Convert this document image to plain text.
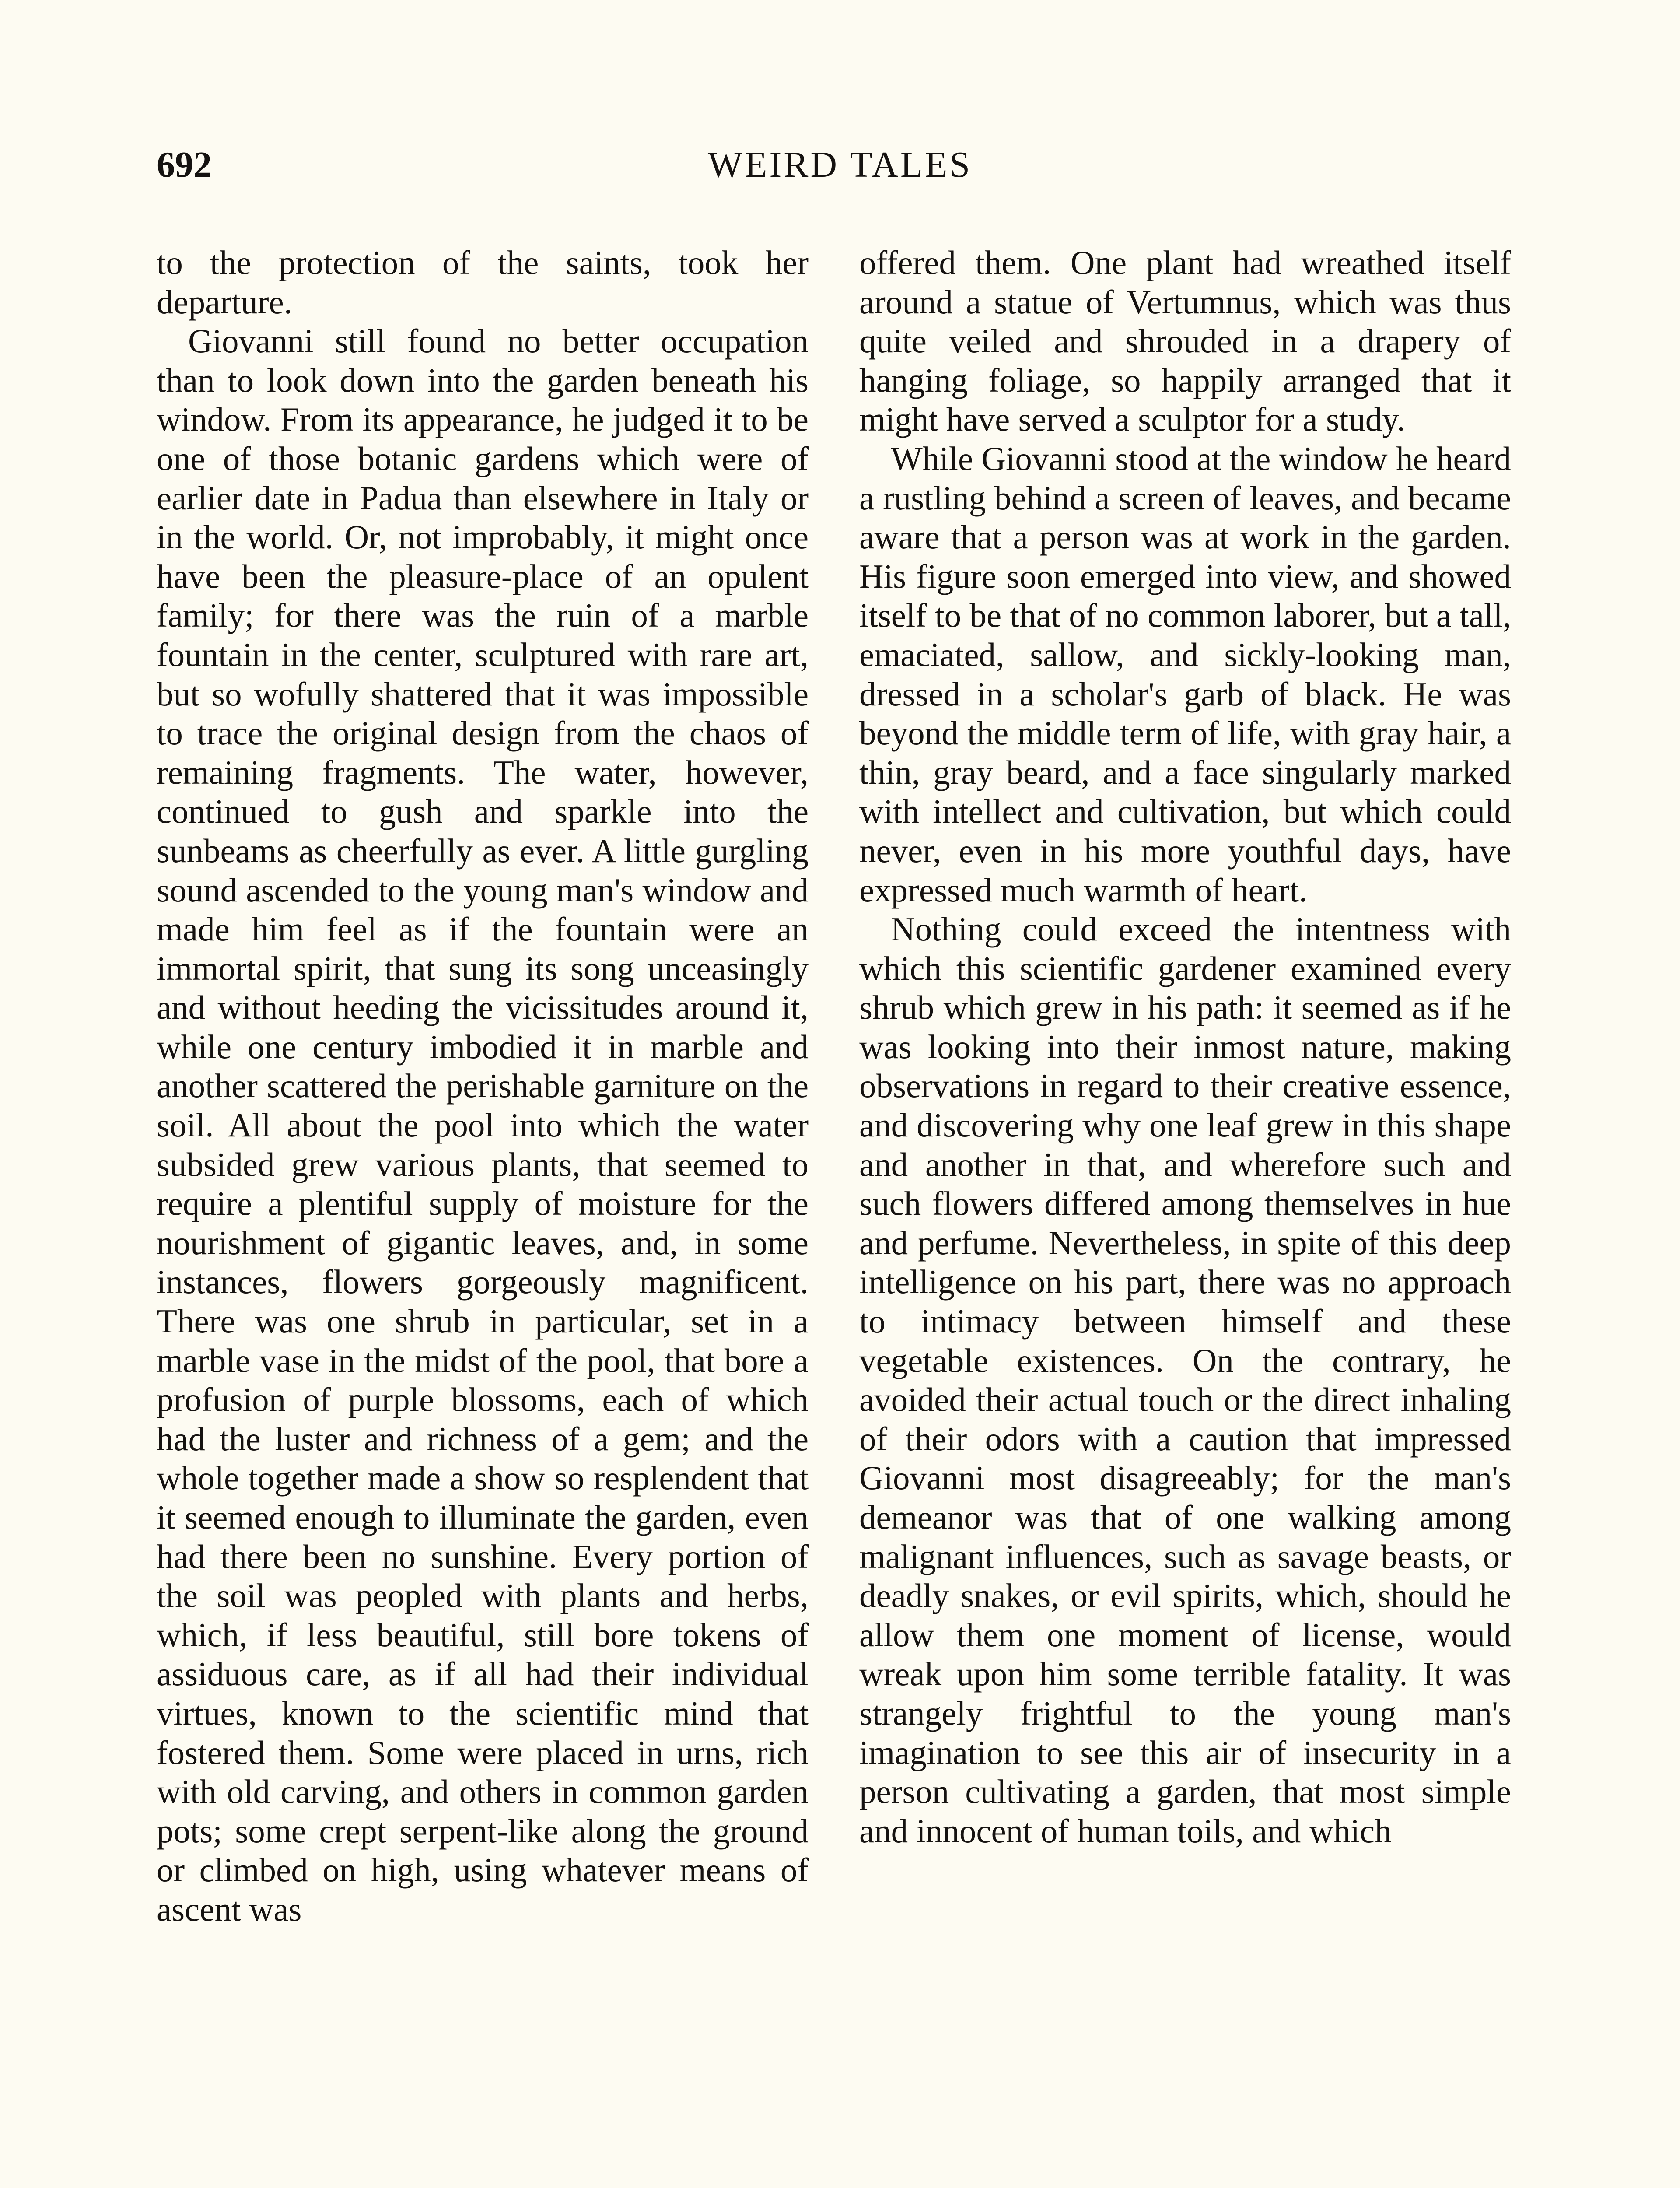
692	WEIRD TALES

to the protection of the saints, took her departure.

Giovanni still found no better occupation than to look down into the garden beneath his window. From its appearance, he judged it to be one of those botanic gardens which were of earlier date in Padua than elsewhere in Italy or in the world. Or, not improbably, it might once have been the pleasure-place of an opulent family; for there was the ruin of a marble fountain in the center, sculptured with rare art, but so wofully shattered that it was impossible to trace the original design from the chaos of remaining fragments. The water, however, continued to gush and sparkle into the sunbeams as cheerfully as ever. A little gurgling sound ascended to the young man's window and made him feel as if the fountain were an immortal spirit, that sung its song unceasingly and without heeding the vicissitudes around it, while one century imbodied it in marble and another scattered the perishable garniture on the soil. All about the pool into which the water subsided grew various plants, that seemed to require a plentiful supply of moisture for the nourishment of gigantic leaves, and, in some instances, flowers gorgeously magnificent. There was one shrub in particular, set in a marble vase in the midst of the pool, that bore a profusion of purple blossoms, each of which had the luster and richness of a gem; and the whole together made a show so resplendent that it seemed enough to illuminate the garden, even had there been no sunshine. Every portion of the soil was peopled with plants and herbs, which, if less beautiful, still bore tokens of assiduous care, as if all had their individual virtues, known to the scientific mind that fostered them. Some were placed in urns, rich with old carving, and others in common garden pots; some crept serpent-like along the ground or climbed on high, using whatever means of ascent was

offered them. One plant had wreathed itself around a statue of Vertumnus, which was thus quite veiled and shrouded in a drapery of hanging foliage, so happily arranged that it might have served a sculptor for a study.

While Giovanni stood at the window he heard a rustling behind a screen of leaves, and became aware that a person was at work in the garden. His figure soon emerged into view, and showed itself to be that of no common laborer, but a tall, emaciated, sallow, and sickly-looking man, dressed in a scholar's garb of black. He was beyond the middle term of life, with gray hair, a thin, gray beard, and a face singularly marked with intellect and cultivation, but which could never, even in his more youthful days, have expressed much warmth of heart.

Nothing could exceed the intentness with which this scientific gardener examined every shrub which grew in his path: it seemed as if he was looking into their inmost nature, making observations in regard to their creative essence, and discovering why one leaf grew in this shape and another in that, and wherefore such and such flowers differed among themselves in hue and perfume. Nevertheless, in spite of this deep intelligence on his part, there was no approach to intimacy between himself and these vegetable existences. On the contrary, he avoided their actual touch or the direct inhaling of their odors with a caution that impressed Giovanni most disagreeably; for the man's demeanor was that of one walking among malignant influences, such as savage beasts, or deadly snakes, or evil spirits, which, should he allow them one moment of license, would wreak upon him some terrible fatality. It was strangely frightful to the young man's imagination to see this air of insecurity in a person cultivating a garden, that most simple and innocent of human toils, and which
